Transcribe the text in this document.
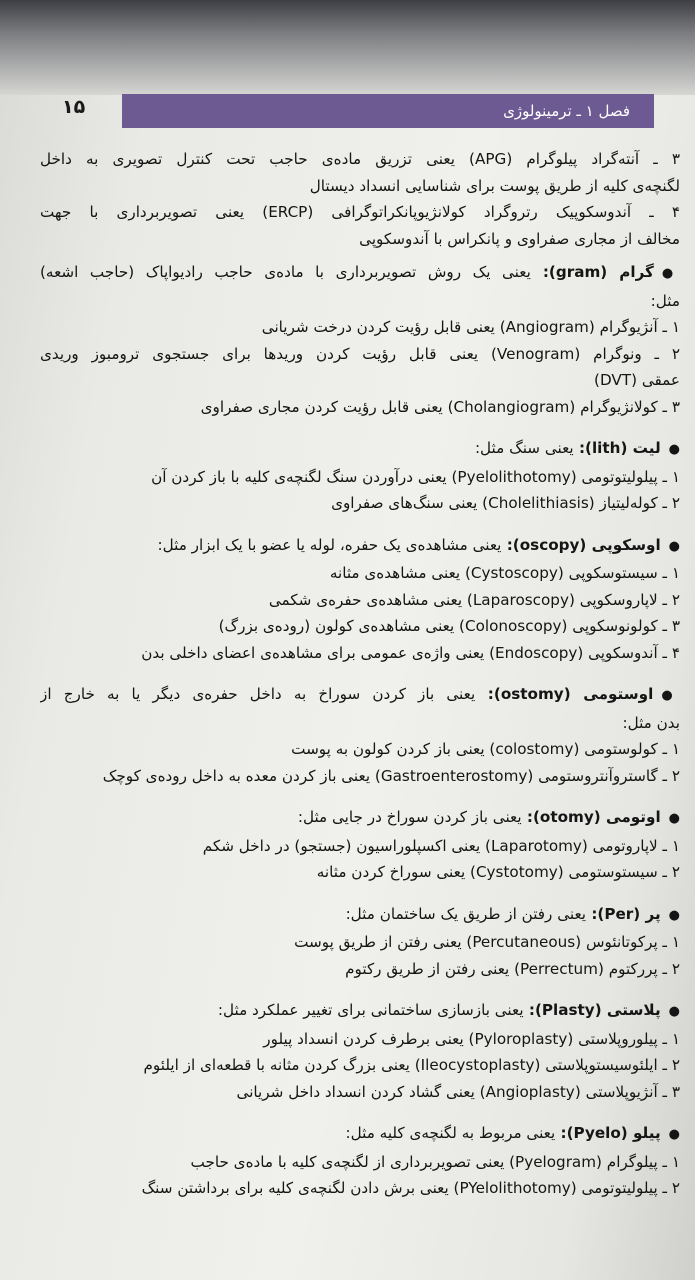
۱۵	فصل ۱ ـ ترمینولوژی
۳ ـ آنته‌گراد پیلوگرام (APG) یعنی تزریق ماده‌ی حاجب تحت کنترل تصویری به داخل
لگنچه‌ی کلیه از طریق پوست برای شناسایی انسداد دیستال
۴ ـ آندوسکوپیک رتروگراد کولانژیوپانکراتوگرافی (ERCP) یعنی تصویربرداری با جهت
مخالف از مجاری صفراوی و پانکراس با آندوسکوپی
●گرام (gram): یعنی یک روش تصویربرداری با ماده‌ی حاجب رادیواپاک (حاجب اشعه)
مثل:
۱ ـ آنژیوگرام (Angiogram) یعنی قابل رؤیت کردن درخت شریانی
۲ ـ ونوگرام (Venogram) یعنی قابل رؤیت کردن وریدها برای جستجوی ترومبوز وریدی
عمقی (DVT)
۳ ـ کولانژیوگرام (Cholangiogram) یعنی قابل رؤیت کردن مجاری صفراوی
●لیت (lith): یعنی سنگ مثل:
۱ ـ پیلولیتوتومی (Pyelolithotomy) یعنی درآوردن سنگ لگنچه‌ی کلیه با باز کردن آن
۲ ـ کوله‌لیتیاز (Cholelithiasis) یعنی سنگ‌های صفراوی
●اوسکوپی (oscopy): یعنی مشاهده‌ی یک حفره، لوله یا عضو با یک ابزار مثل:
۱ ـ سیستوسکوپی (Cystoscopy) یعنی مشاهده‌ی مثانه
۲ ـ لاپاروسکوپی (Laparoscopy) یعنی مشاهده‌ی حفره‌ی شکمی
۳ ـ کولونوسکوپی (Colonoscopy) یعنی مشاهده‌ی کولون (روده‌ی بزرگ)
۴ ـ آندوسکوپی (Endoscopy) یعنی واژه‌ی عمومی برای مشاهده‌ی اعضای داخلی بدن
●اوستومی (ostomy): یعنی باز کردن سوراخ به داخل حفره‌ی دیگر یا به خارج از
بدن مثل:
۱ ـ کولوستومی (colostomy) یعنی باز کردن کولون به پوست
۲ ـ گاستروآنتروستومی (Gastroenterostomy) یعنی باز کردن معده به داخل روده‌ی کوچک
●اوتومی (otomy): یعنی باز کردن سوراخ در جایی مثل:
۱ ـ لاپاروتومی (Laparotomy) یعنی اکسپلوراسیون (جستجو) در داخل شکم
۲ ـ سیستوستومی (Cystotomy) یعنی سوراخ کردن مثانه
●پر (Per): یعنی رفتن از طریق یک ساختمان مثل:
۱ ـ پرکوتانئوس (Percutaneous) یعنی رفتن از طریق پوست
۲ ـ پررکتوم (Perrectum) یعنی رفتن از طریق رکتوم
●پلاستی (Plasty): یعنی بازسازی ساختمانی برای تغییر عملکرد مثل:
۱ ـ پیلوروپلاستی (Pyloroplasty) یعنی برطرف کردن انسداد پیلور
۲ ـ ایلئوسیستوپلاستی (Ileocystoplasty) یعنی بزرگ کردن مثانه با قطعه‌ای از ایلئوم
۳ ـ آنژیوپلاستی (Angioplasty) یعنی گشاد کردن انسداد داخل شریانی
●پیلو (Pyelo): یعنی مربوط به لگنچه‌ی کلیه مثل:
۱ ـ پیلوگرام (Pyelogram) یعنی تصویربرداری از لگنچه‌ی کلیه با ماده‌ی حاجب
۲ ـ پیلولیتوتومی (PYelolithotomy) یعنی برش دادن لگنچه‌ی کلیه برای برداشتن سنگ
